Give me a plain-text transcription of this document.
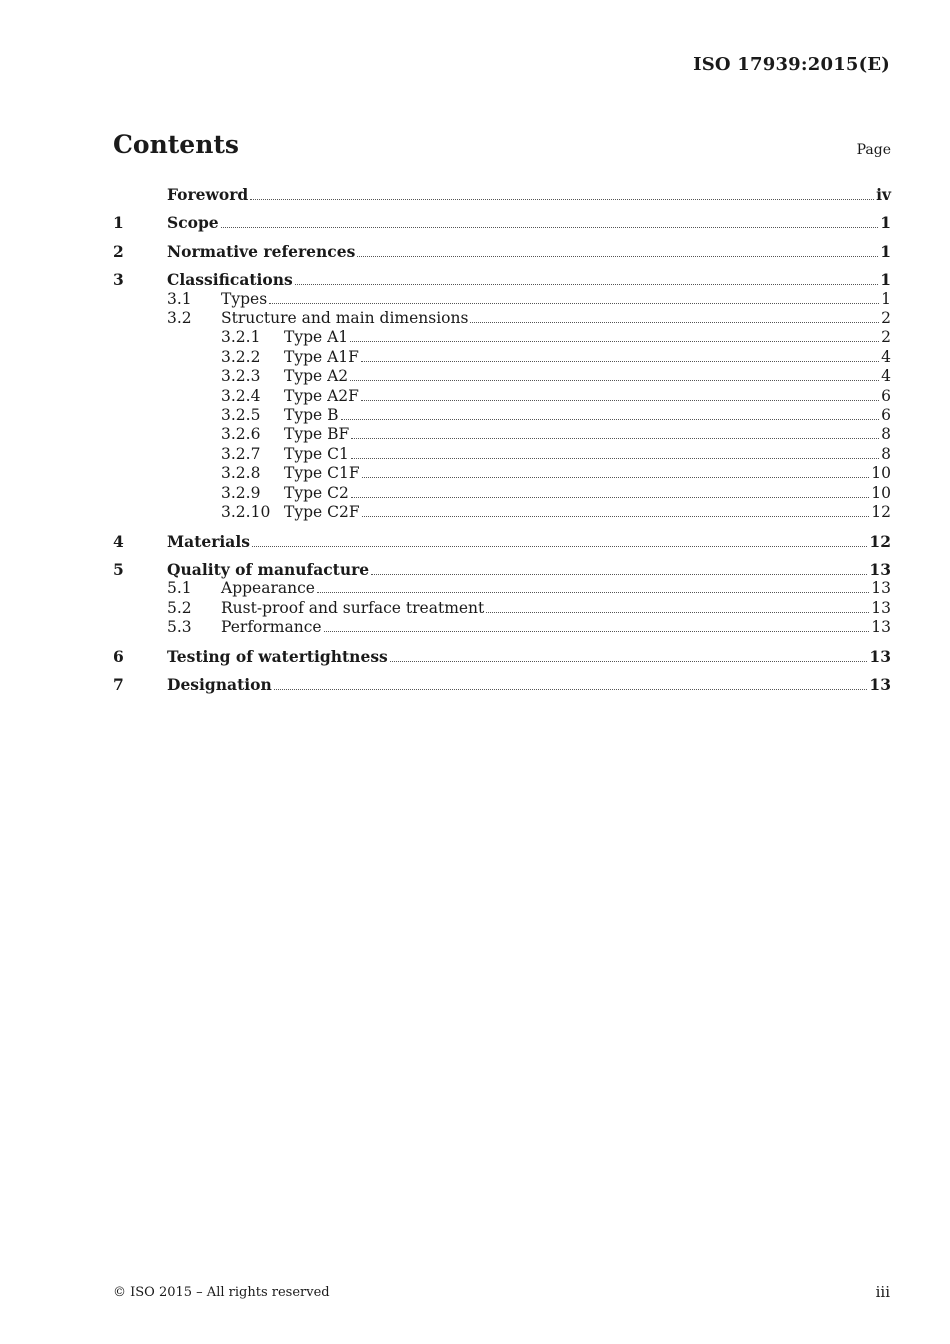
ISO 17939:2015(E)
Contents	Page
Foreword	iv
1	Scope	1
2	Normative references	1
3	Classifications	1
3.1	Types	1
3.2	Structure and main dimensions	2
3.2.1	Type A1	2
3.2.2	Type A1F	4
3.2.3	Type A2	4
3.2.4	Type A2F	6
3.2.5	Type B	6
3.2.6	Type BF	8
3.2.7	Type C1	8
3.2.8	Type C1F	10
3.2.9	Type C2	10
3.2.10 Type C2F	12
4	Materials	12
5	Quality of manufacture	13
5.1	Appearance	13
5.2	Rust-proof and surface treatment	13
5.3	Performance	13
6	Testing of watertightness	13
7	Designation	13
© ISO 2015 – All rights reserved	iii
